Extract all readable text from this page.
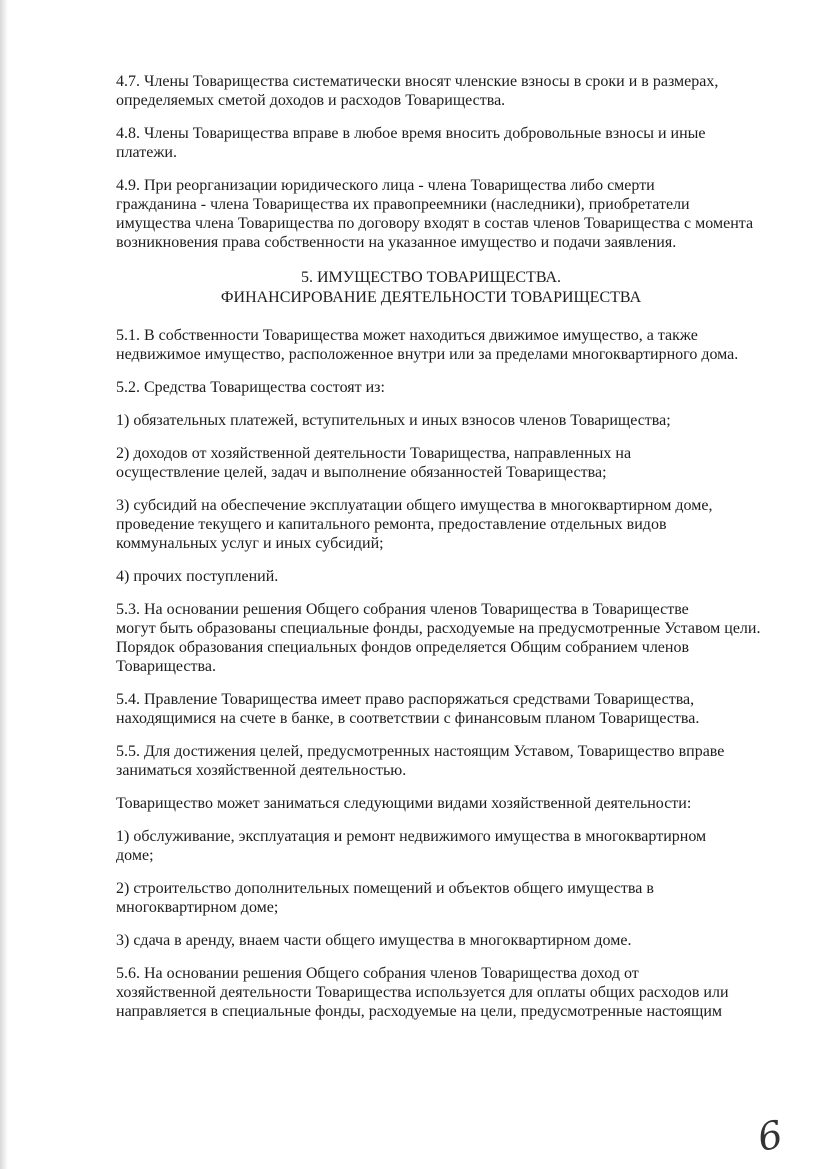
4.7. Члены Товарищества систематически вносят членские взносы в сроки и в размерах,
определяемых сметой доходов и расходов Товарищества.

4.8. Члены Товарищества вправе в любое время вносить добровольные взносы и иные
платежи.

4.9. При реорганизации юридического лица - члена Товарищества либо смерти
гражданина - члена Товарищества их правопреемники (наследники), приобретатели
имущества члена Товарищества по договору входят в состав членов Товарищества с момента
возникновения права собственности на указанное имущество и подачи заявления.

5. ИМУЩЕСТВО ТОВАРИЩЕСТВА.
ФИНАНСИРОВАНИЕ ДЕЯТЕЛЬНОСТИ ТОВАРИЩЕСТВА

5.1. В собственности Товарищества может находиться движимое имущество, а также
недвижимое имущество, расположенное внутри или за пределами многоквартирного дома.

5.2. Средства Товарищества состоят из:

1) обязательных платежей, вступительных и иных взносов членов Товарищества;

2) доходов от хозяйственной деятельности Товарищества, направленных на
осуществление целей, задач и выполнение обязанностей Товарищества;

3) субсидий на обеспечение эксплуатации общего имущества в многоквартирном доме,
проведение текущего и капитального ремонта, предоставление отдельных видов
коммунальных услуг и иных субсидий;

4) прочих поступлений.

5.3. На основании решения Общего собрания членов Товарищества в Товариществе
могут быть образованы специальные фонды, расходуемые на предусмотренные Уставом цели.
Порядок образования специальных фондов определяется Общим собранием членов
Товарищества.

5.4. Правление Товарищества имеет право распоряжаться средствами Товарищества,
находящимися на счете в банке, в соответствии с финансовым планом Товарищества.

5.5. Для достижения целей, предусмотренных настоящим Уставом, Товарищество вправе
заниматься хозяйственной деятельностью.

Товарищество может заниматься следующими видами хозяйственной деятельности:

1) обслуживание, эксплуатация и ремонт недвижимого имущества в многоквартирном
доме;

2) строительство дополнительных помещений и объектов общего имущества в
многоквартирном доме;

3) сдача в аренду, внаем части общего имущества в многоквартирном доме.

5.6. На основании решения Общего собрания членов Товарищества доход от
хозяйственной деятельности Товарищества используется для оплаты общих расходов или
направляется в специальные фонды, расходуемые на цели, предусмотренные настоящим

6
